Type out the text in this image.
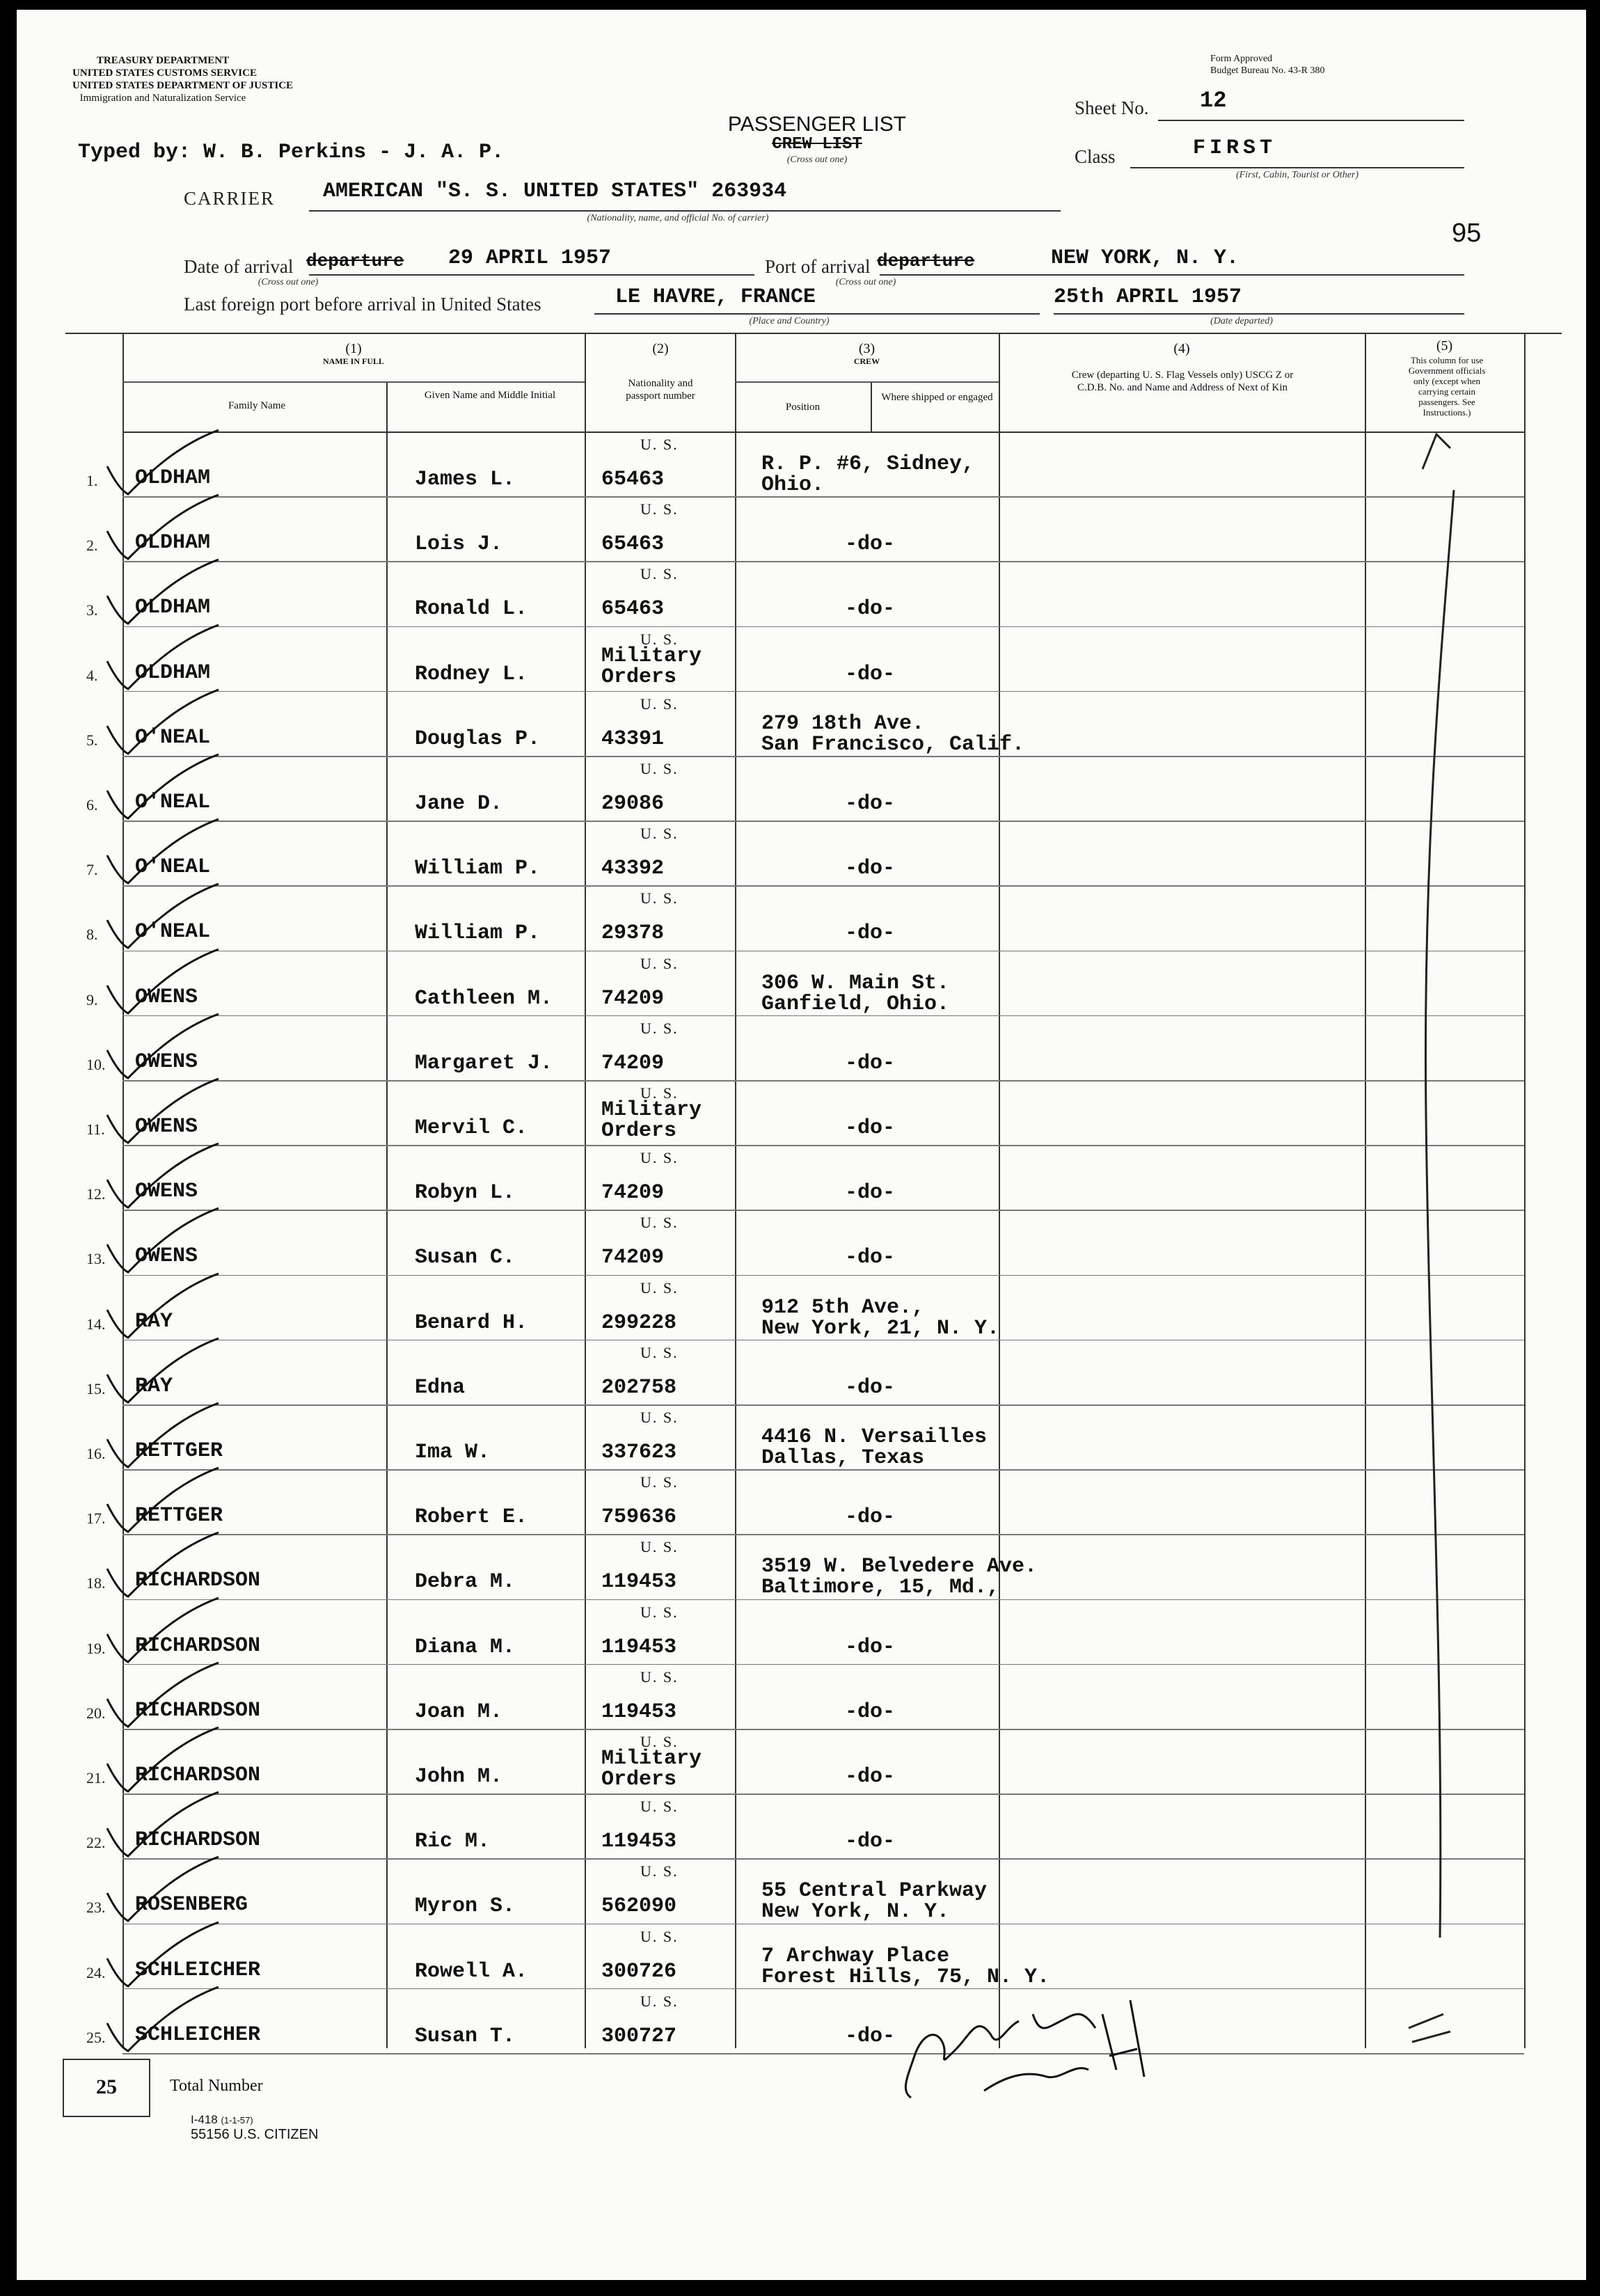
TREASURY DEPARTMENT
UNITED STATES CUSTOMS SERVICE
UNITED STATES DEPARTMENT OF JUSTICE
Immigration and Naturalization Service
Form Approved
Budget Bureau No. 43-R 380
Typed by: W. B. Perkins - J. A. P.
PASSENGER LIST
CREW LIST
(Cross out one)
Sheet No. 12
Class	FIRST
(First, Cabin, Tourist or Other)
CARRIER AMERICAN "S. S. UNITED STATES" 263934
(Nationality, name, and official No. of carrier)
95
Date of arrival departure
(Cross out one)
29 APRIL 1957	Port of arrival departure
(Cross out one)
NEW YORK, N. Y.
Last foreign port before arrival in United States	LE HAVRE, FRANCE
(Place and Country)
25th APRIL 1957
(Date departed)
(1)
NAME IN FULL
Family Name
Given Name and Middle Initial
(2)
Nationality and passport number
(3)
CREW
Position
Where shipped or engaged
(4)
Crew (departing U. S. Flag Vessels only) USCG Z or C.D.B. No. and Name and Address of Next of Kin
(5)
This column for use Government officials only (except when carrying certain passengers. See Instructions.)
1. OLDHAM	James L.
U. S.
65463
R. P. #6, Sidney,
Ohio.
2. OLDHAM	Lois J.
U. S.
65463	-do-
3. OLDHAM	Ronald L.
U. S.
65463	-do-
4. OLDHAM	Rodney L.
U. S.
Military Orders	-do-
5. O'NEAL	Douglas P.
U. S.
43391
279 18th Ave.
San Francisco, Calif.
6. O'NEAL	Jane D.
U. S.
29086	-do-
7. O'NEAL	William P.
U. S.
43392	-do-
8. O'NEAL	William P.
U. S.
29378	-do-
9. OWENS	Cathleen M.
U. S.
74209
306 W. Main St.
Ganfield, Ohio.
10. OWENS	Margaret J.
U. S.
74209	-do-
11. OWENS	Mervil C.
U. S.
Military Orders	-do-
12. OWENS	Robyn L.
U. S.
74209	-do-
13. OWENS	Susan C.
U. S.
74209	-do-
14. RAY	Benard H.
U. S.
299228
912 5th Ave.,
New York, 21, N. Y.
15. RAY	Edna
U. S.
202758	-do-
16. RETTGER	Ima W.
U. S.
337623
4416 N. Versailles
Dallas, Texas
17. RETTGER	Robert E.
U. S.
759636	-do-
18. RICHARDSON	Debra M.
U. S.
119453
3519 W. Belvedere Ave.
Baltimore, 15, Md.,
19. RICHARDSON	Diana M.
U. S.
119453	-do-
20. RICHARDSON	Joan M.
U. S.
119453	-do-
21. RICHARDSON	John M.
U. S.
Military Orders	-do-
22. RICHARDSON	Ric M.
U. S.
119453	-do-
23. ROSENBERG	Myron S.
U. S.
562090
55 Central Parkway
New York, N. Y.
24. SCHLEICHER	Rowell A.
U. S.
300726
7 Archway Place
Forest Hills, 75, N. Y.
25. SCHLEICHER	Susan T.
U. S.
300727	-do-
25	Total Number
I-418 (1-1-57)
55156 U.S. CITIZEN
